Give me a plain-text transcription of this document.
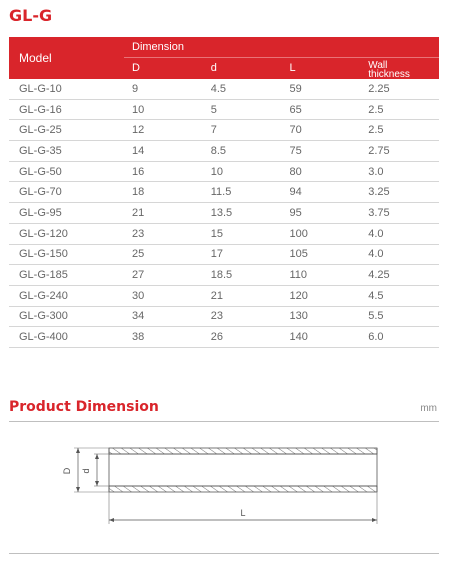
GL-G
Model	Dimension			
	D	d	L	Wall
thickness
GL-G-10	9	4.5	59	2.25
GL-G-16	10	5	65	2.5
GL-G-25	12	7	70	2.5
GL-G-35	14	8.5	75	2.75
GL-G-50	16	10	80	3.0
GL-G-70	18	11.5	94	3.25
GL-G-95	21	13.5	95	3.75
GL-G-120	23	15	100	4.0
GL-G-150	25	17	105	4.0
GL-G-185	27	18.5	110	4.25
GL-G-240	30	21	120	4.5
GL-G-300	34	23	130	5.5
GL-G-400	38	26	140	6.0
Product Dimension	mm
D d
L
